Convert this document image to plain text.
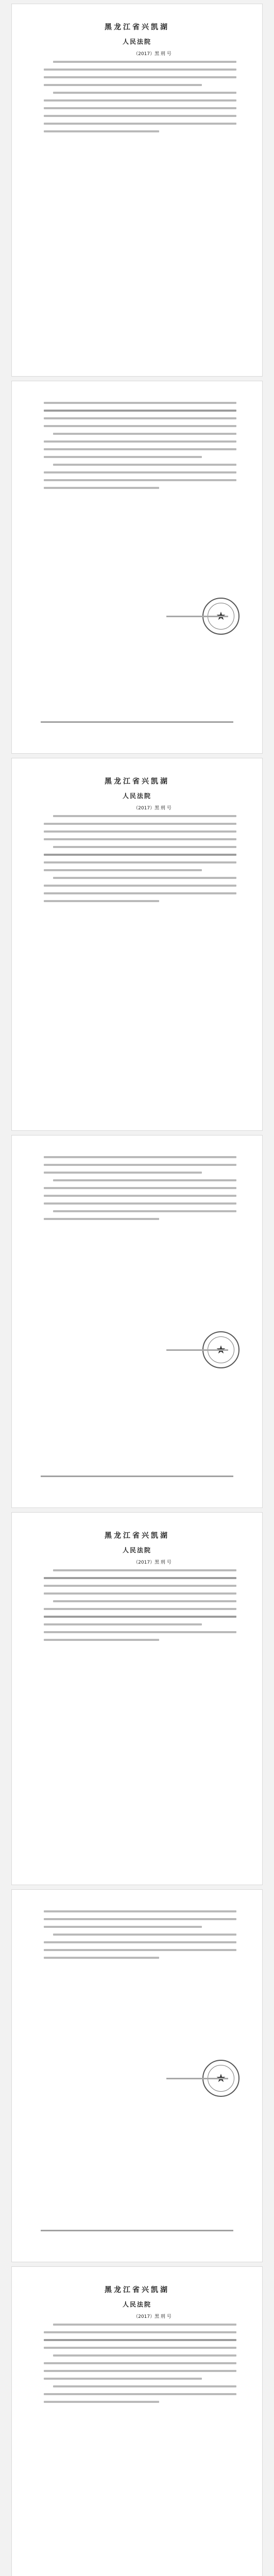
黑龙江省兴凯湖
人民法院
（2017）黑 刑 号
黑龙江省兴凯湖
人民法院
（2017）黑 刑 号
黑龙江省兴凯湖
人民法院
（2017）黑 刑 号
黑龙江省兴凯湖
人民法院
（2017）黑 刑 号
